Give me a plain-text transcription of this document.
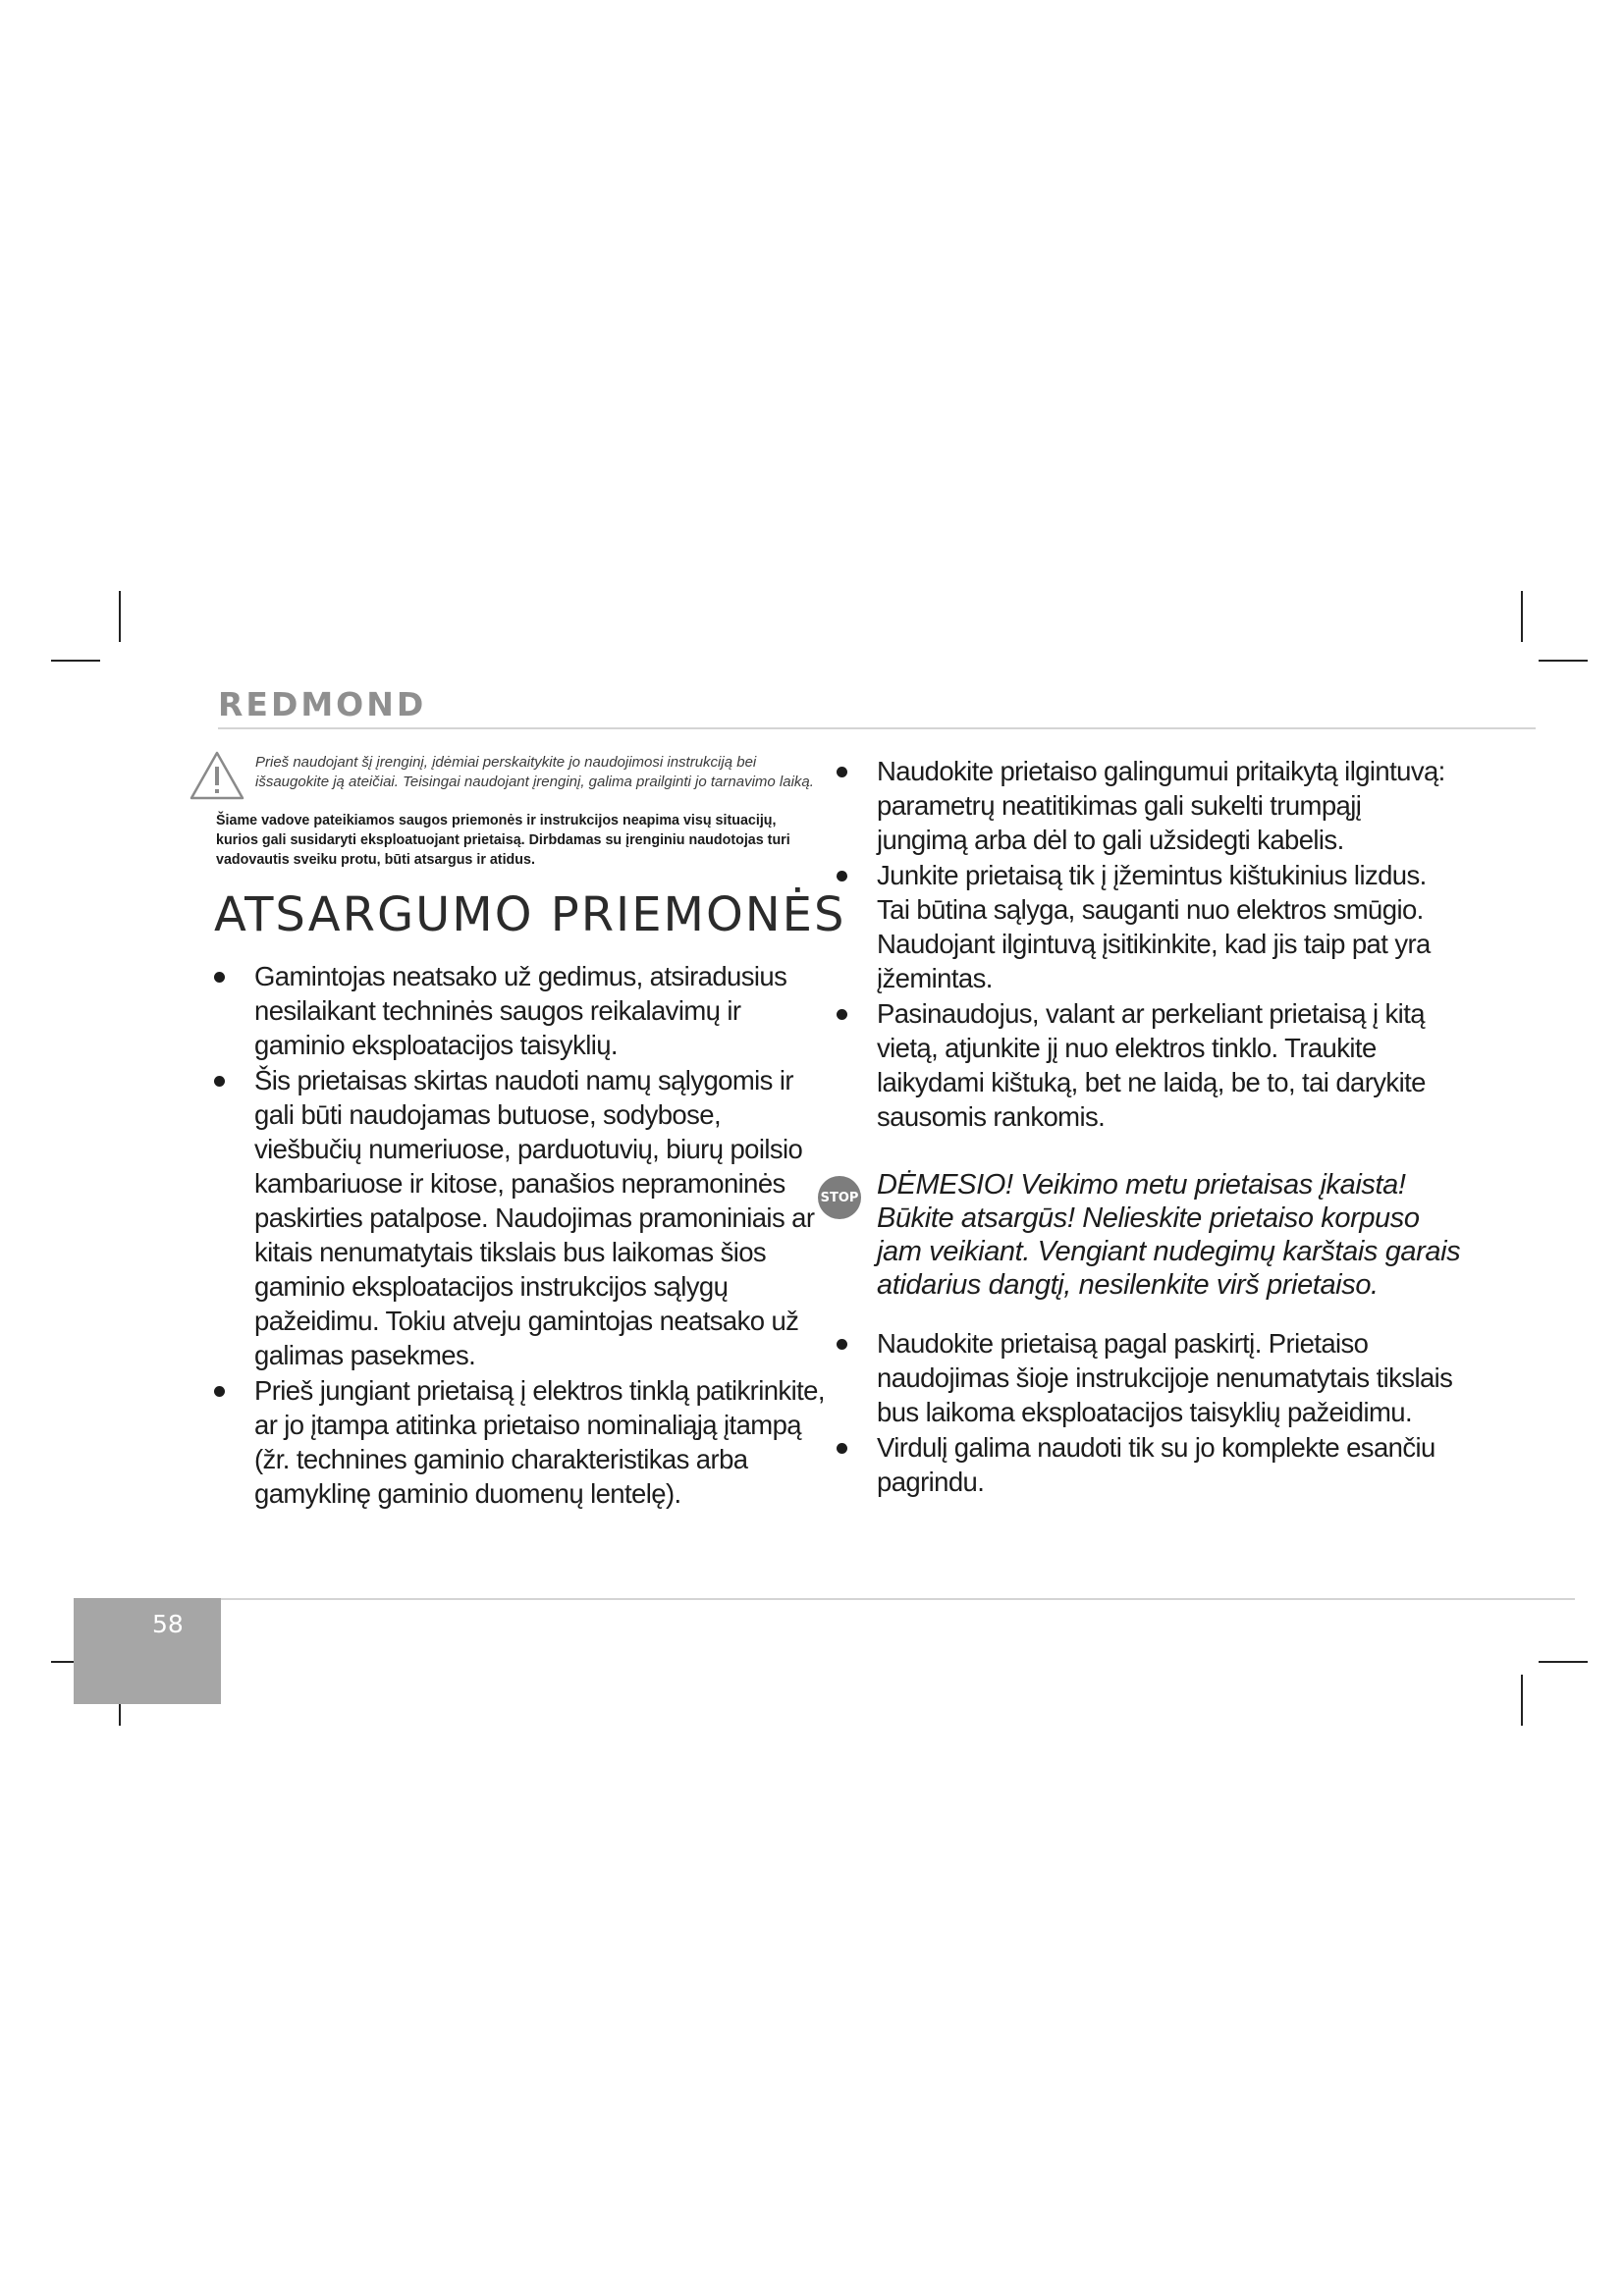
REDMOND
Prieš naudojant šį įrenginį, įdėmiai perskaitykite jo naudojimosi instrukciją bei išsaugokite ją ateičiai. Teisingai naudojant įrenginį, galima prailginti jo tarnavimo laiką.
Šiame vadove pateikiamos saugos priemonės ir instrukcijos neapima visų situacijų, kurios gali susidaryti eksploatuojant prietaisą. Dirbdamas su įrenginiu naudotojas turi vadovautis sveiku protu, būti atsargus ir atidus.
ATSARGUMO PRIEMONĖS
Gamintojas neatsako už gedimus, atsiradusius nesilaikant techninės saugos reikalavimų ir gaminio eksploatacijos taisyklių.
Šis prietaisas skirtas naudoti namų sąlygomis ir gali būti naudojamas butuose, sodybose, viešbučių numeriuose, parduotuvių, biurų poilsio kambariuose ir kitose, panašios nepramoninės paskirties patalpose. Naudojimas pramoniniais ar kitais nenumatytais tikslais bus laikomas šios gaminio eksploatacijos instrukcijos sąlygų pažeidimu. Tokiu atveju gamintojas neatsako už galimas pasekmes.
Prieš jungiant prietaisą į elektros tinklą patikrinkite, ar jo įtampa atitinka prietaiso nominaliąją įtampą (žr. technines gaminio charakteristikas arba gamyklinę gaminio duomenų lentelę).
Naudokite prietaiso galingumui pritaikytą ilgintuvą: parametrų neatitikimas gali sukelti trumpąjį jungimą arba dėl to gali užsidegti kabelis.
Junkite prietaisą tik į įžemintus kištukinius lizdus. Tai būtina sąlyga, sauganti nuo elektros smūgio. Naudojant ilgintuvą įsitikinkite, kad jis taip pat yra įžemintas.
Pasinaudojus, valant ar perkeliant prietaisą į kitą vietą, atjunkite jį nuo elektros tinklo. Traukite laikydami kištuką, bet ne laidą, be to, tai darykite sausomis rankomis.
STOP DĖMESIO! Veikimo metu prietaisas įkaista! Būkite atsargūs! Nelieskite prietaiso korpuso jam veikiant. Vengiant nudegimų karštais garais atidarius dangtį, nesilenkite virš prietaiso.
Naudokite prietaisą pagal paskirtį. Prietaiso naudojimas šioje instrukcijoje nenumatytais tikslais bus laikoma eksploatacijos taisyklių pažeidimu.
Virdulį galima naudoti tik su jo komplekte esančiu pagrindu.
58
